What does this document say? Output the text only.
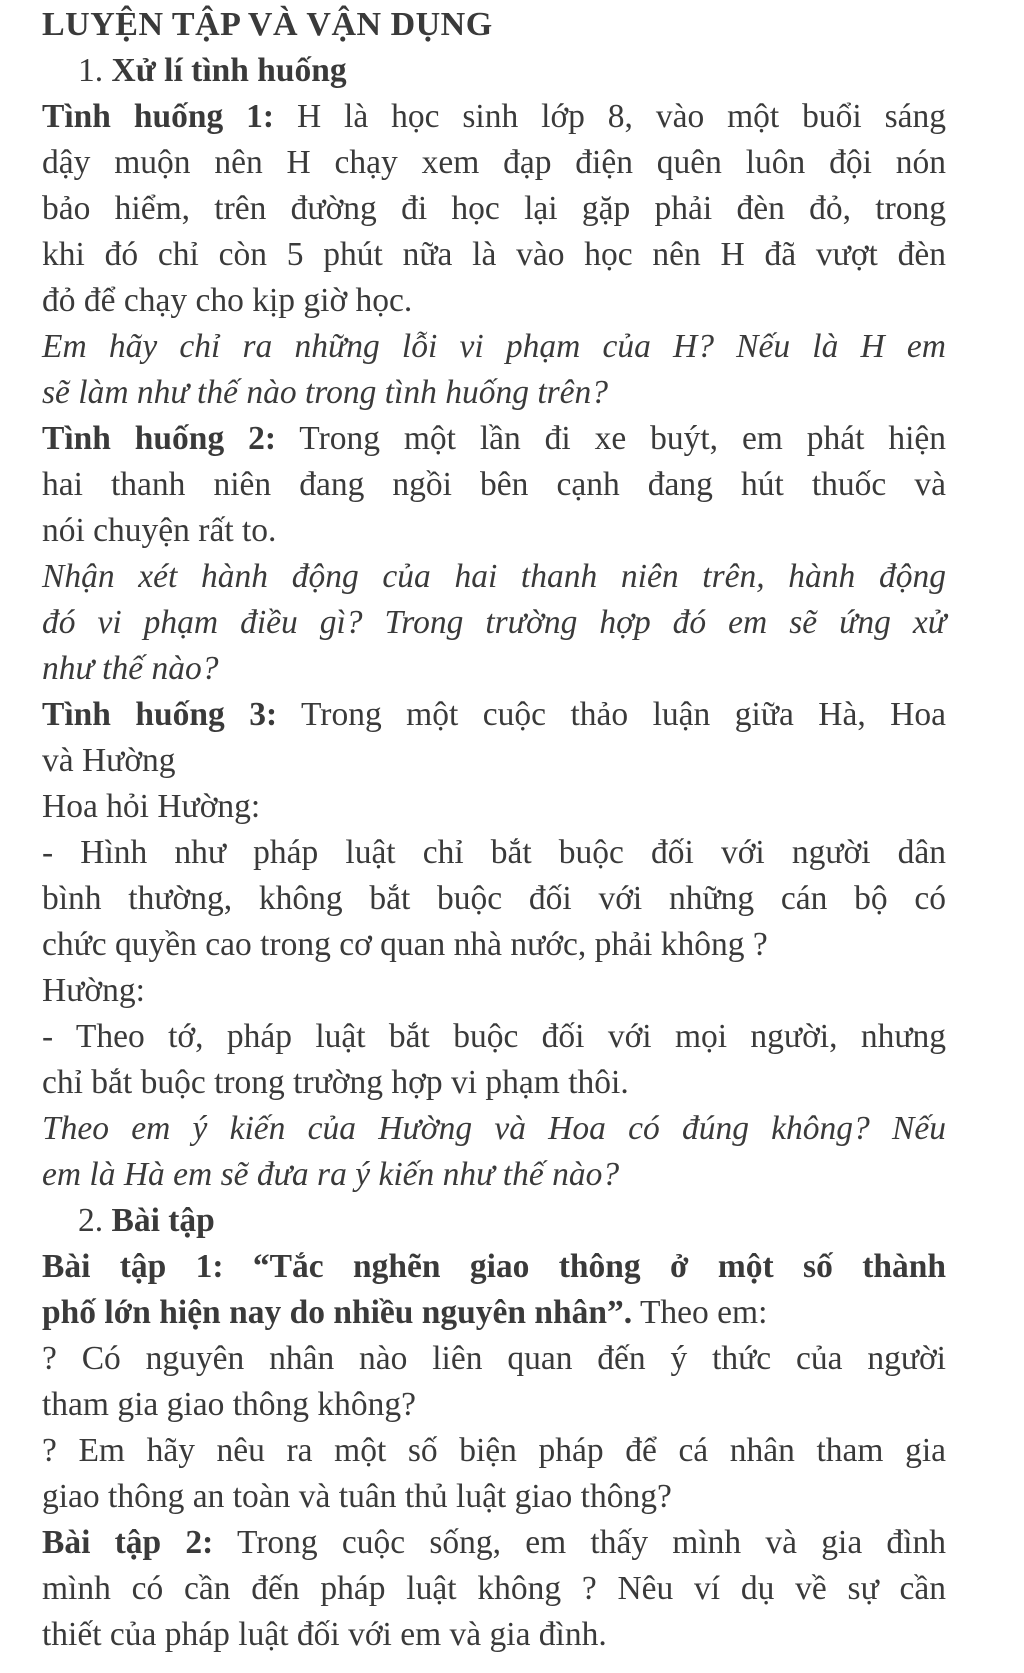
LUYỆN TẬP VÀ VẬN DỤNG
1. Xử lí tình huống
Tình huống 1: H là học sinh lớp 8, vào một buổi sáng
dậy muộn nên H chạy xem đạp điện quên luôn đội nón
bảo hiểm, trên đường đi học lại gặp phải đèn đỏ, trong
khi đó chỉ còn 5 phút nữa là vào học nên H đã vượt đèn
đỏ để chạy cho kịp giờ học.
Em hãy chỉ ra những lỗi vi phạm của H? Nếu là H em
sẽ làm như thế nào trong tình huống trên?
Tình huống 2: Trong một lần đi xe buýt, em phát hiện
hai thanh niên đang ngồi bên cạnh đang hút thuốc và
nói chuyện rất to.
Nhận xét hành động của hai thanh niên trên, hành động
đó vi phạm điều gì? Trong trường hợp đó em sẽ ứng xử
như thế nào?
Tình huống 3: Trong một cuộc thảo luận giữa Hà, Hoa
và Hường
Hoa hỏi Hường:
- Hình như pháp luật chỉ bắt buộc đối với người dân
bình thường, không bắt buộc đối với những cán bộ có
chức quyền cao trong cơ quan nhà nước, phải không ?
Hường:
- Theo tớ, pháp luật bắt buộc đối với mọi người, nhưng
chỉ bắt buộc trong trường hợp vi phạm thôi.
Theo em ý kiến của Hường và Hoa có đúng không? Nếu
em là Hà em sẽ đưa ra ý kiến như thế nào?
2. Bài tập
Bài tập 1: “Tắc nghẽn giao thông ở một số thành
phố lớn hiện nay do nhiều nguyên nhân”. Theo em:
? Có nguyên nhân nào liên quan đến ý thức của người
tham gia giao thông không?
? Em hãy nêu ra một số biện pháp để cá nhân tham gia
giao thông an toàn và tuân thủ luật giao thông?
Bài tập 2: Trong cuộc sống, em thấy mình và gia đình
mình có cần đến pháp luật không ? Nêu ví dụ về sự cần
thiết của pháp luật đối với em và gia đình.
